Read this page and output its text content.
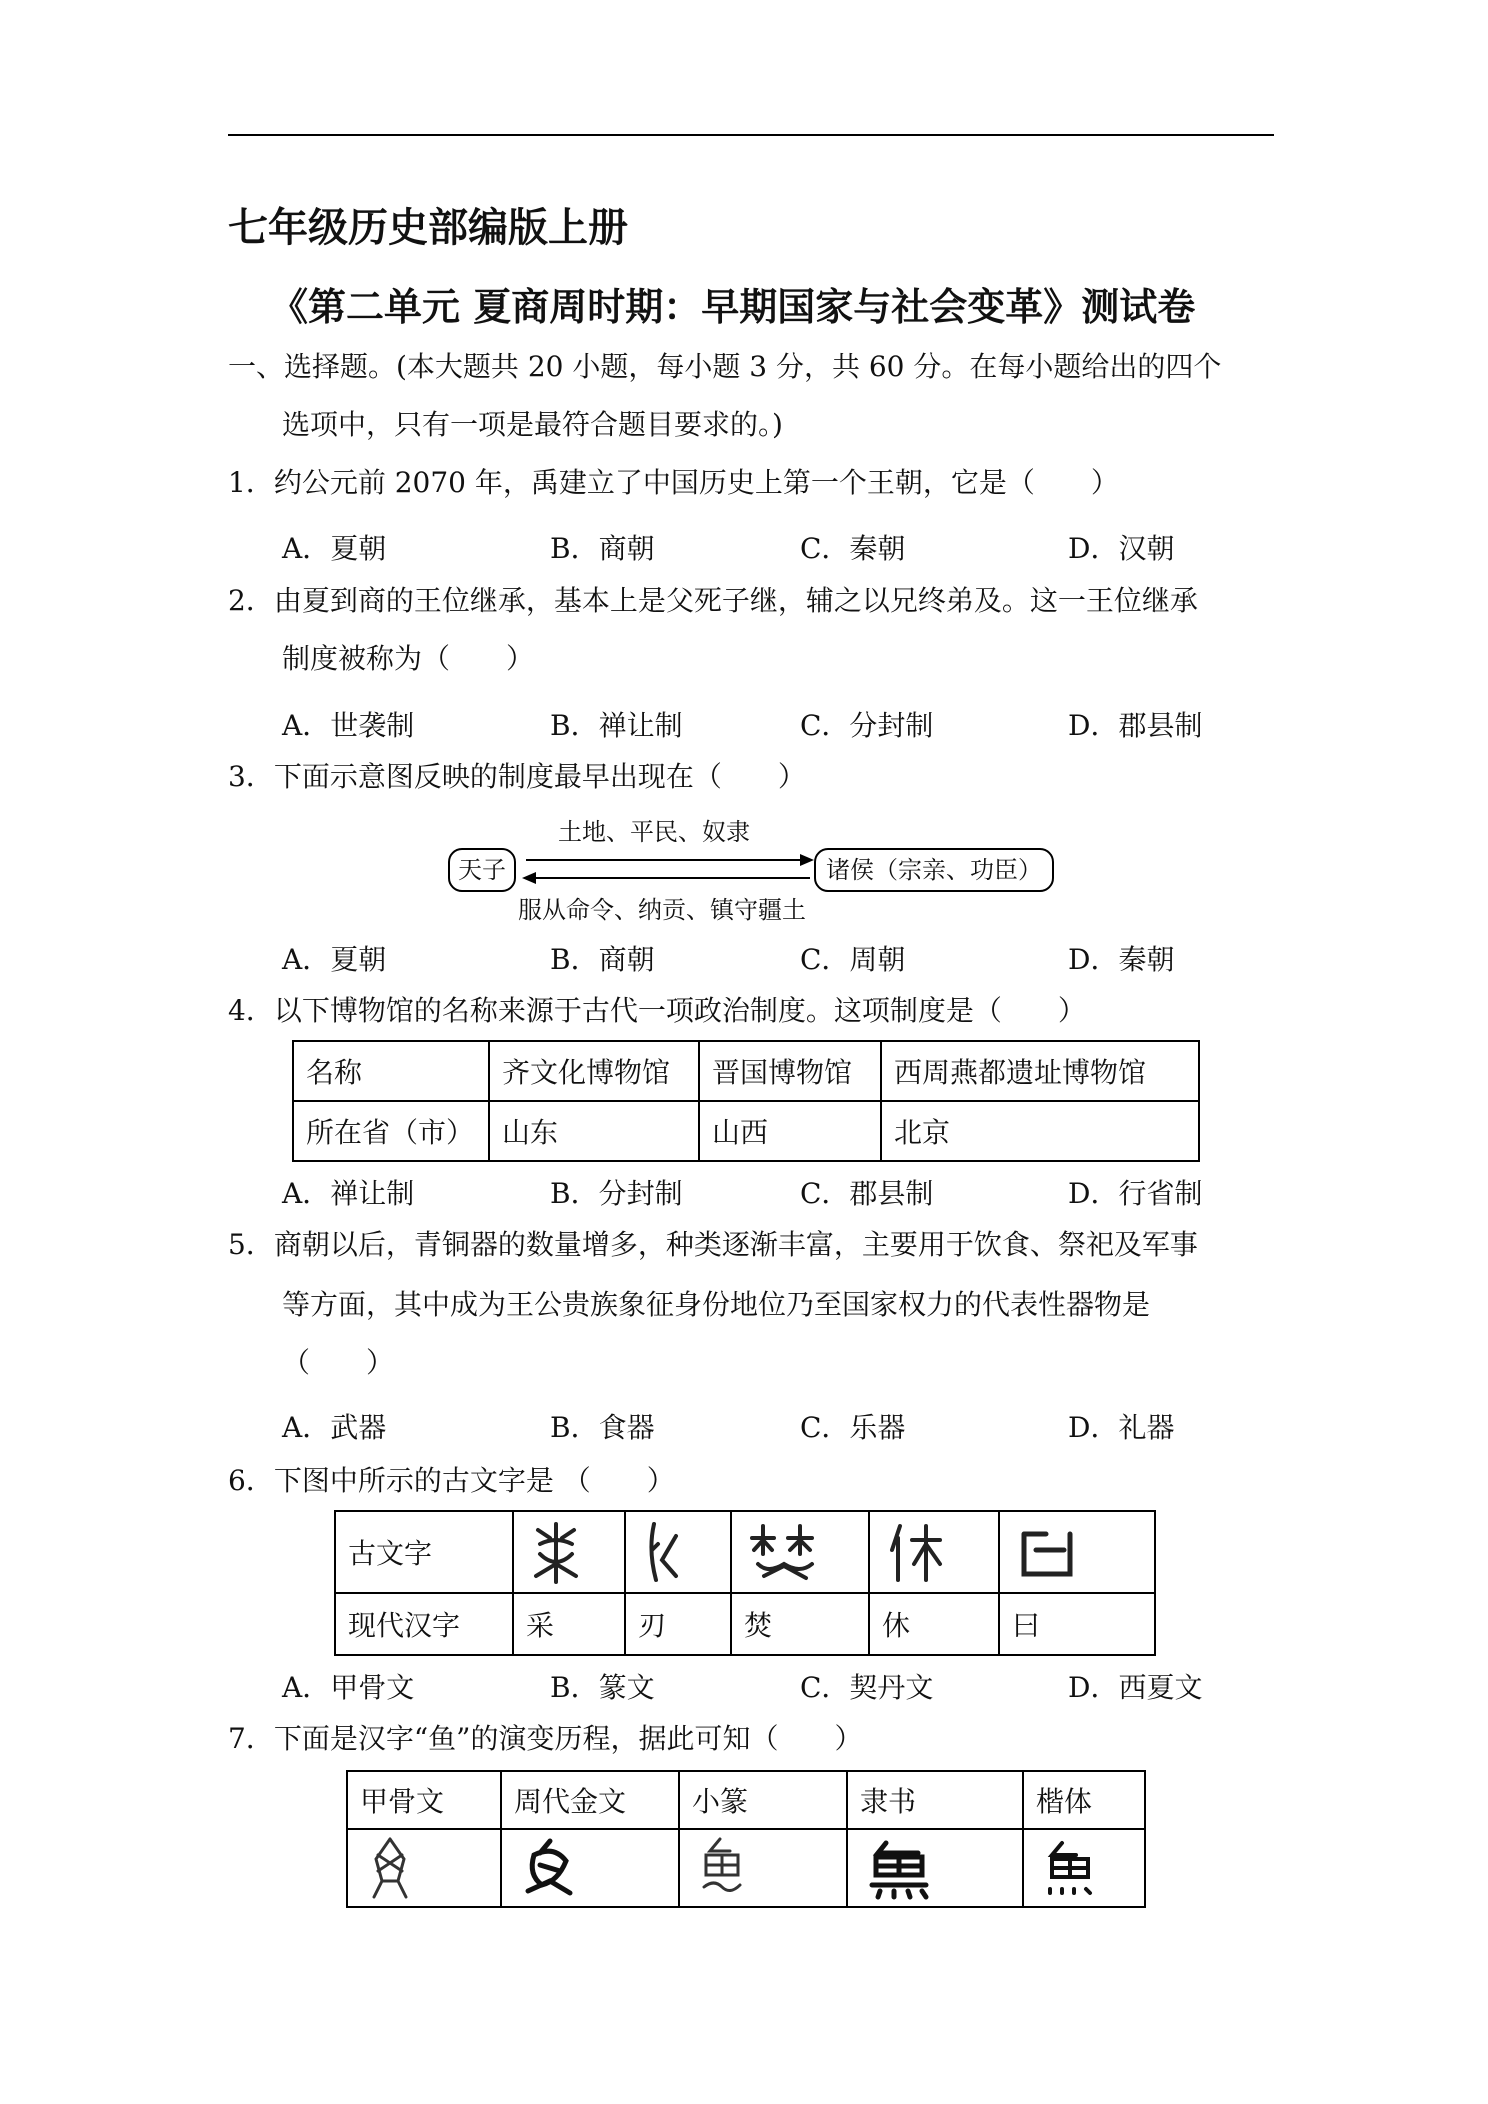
七年级历史部编版上册
《第二单元 夏商周时期：早期国家与社会变革》测试卷
一、选择题。(本大题共 20 小题，每小题 3 分，共 60 分。在每小题给出的四个
选项中，只有一项是最符合题目要求的。)
1．约公元前 2070 年，禹建立了中国历史上第一个王朝，它是（　　）
A．夏朝	B．商朝	C．秦朝	D．汉朝
2．由夏到商的王位继承，基本上是父死子继，辅之以兄终弟及。这一王位继承
制度被称为（　　）
A．世袭制	B．禅让制	C．分封制	D．郡县制
3．下面示意图反映的制度最早出现在（　　）
土地、平民、奴隶
天子	诸侯（宗亲、功臣）
服从命令、纳贡、镇守疆土
A．夏朝	B．商朝	C．周朝	D．秦朝
4．以下博物馆的名称来源于古代一项政治制度。这项制度是（　　）
名称	齐文化博物馆	晋国博物馆	西周燕都遗址博物馆
所在省（市）	山东	山西	北京
A．禅让制	B．分封制	C．郡县制	D．行省制
5．商朝以后，青铜器的数量增多，种类逐渐丰富，主要用于饮食、祭祀及军事
等方面，其中成为王公贵族象征身份地位乃至国家权力的代表性器物是
（　　）
A．武器	B．食器	C．乐器	D．礼器
6．下图中所示的古文字是 （　　）
古文字	

现代汉字	采	刃	焚	休	曰
A．甲骨文	B．篆文	C．契丹文	D．西夏文
7．下面是汉字“鱼”的演变历程，据此可知（　　）
甲骨文	周代金文	小篆	隶书	楷体
